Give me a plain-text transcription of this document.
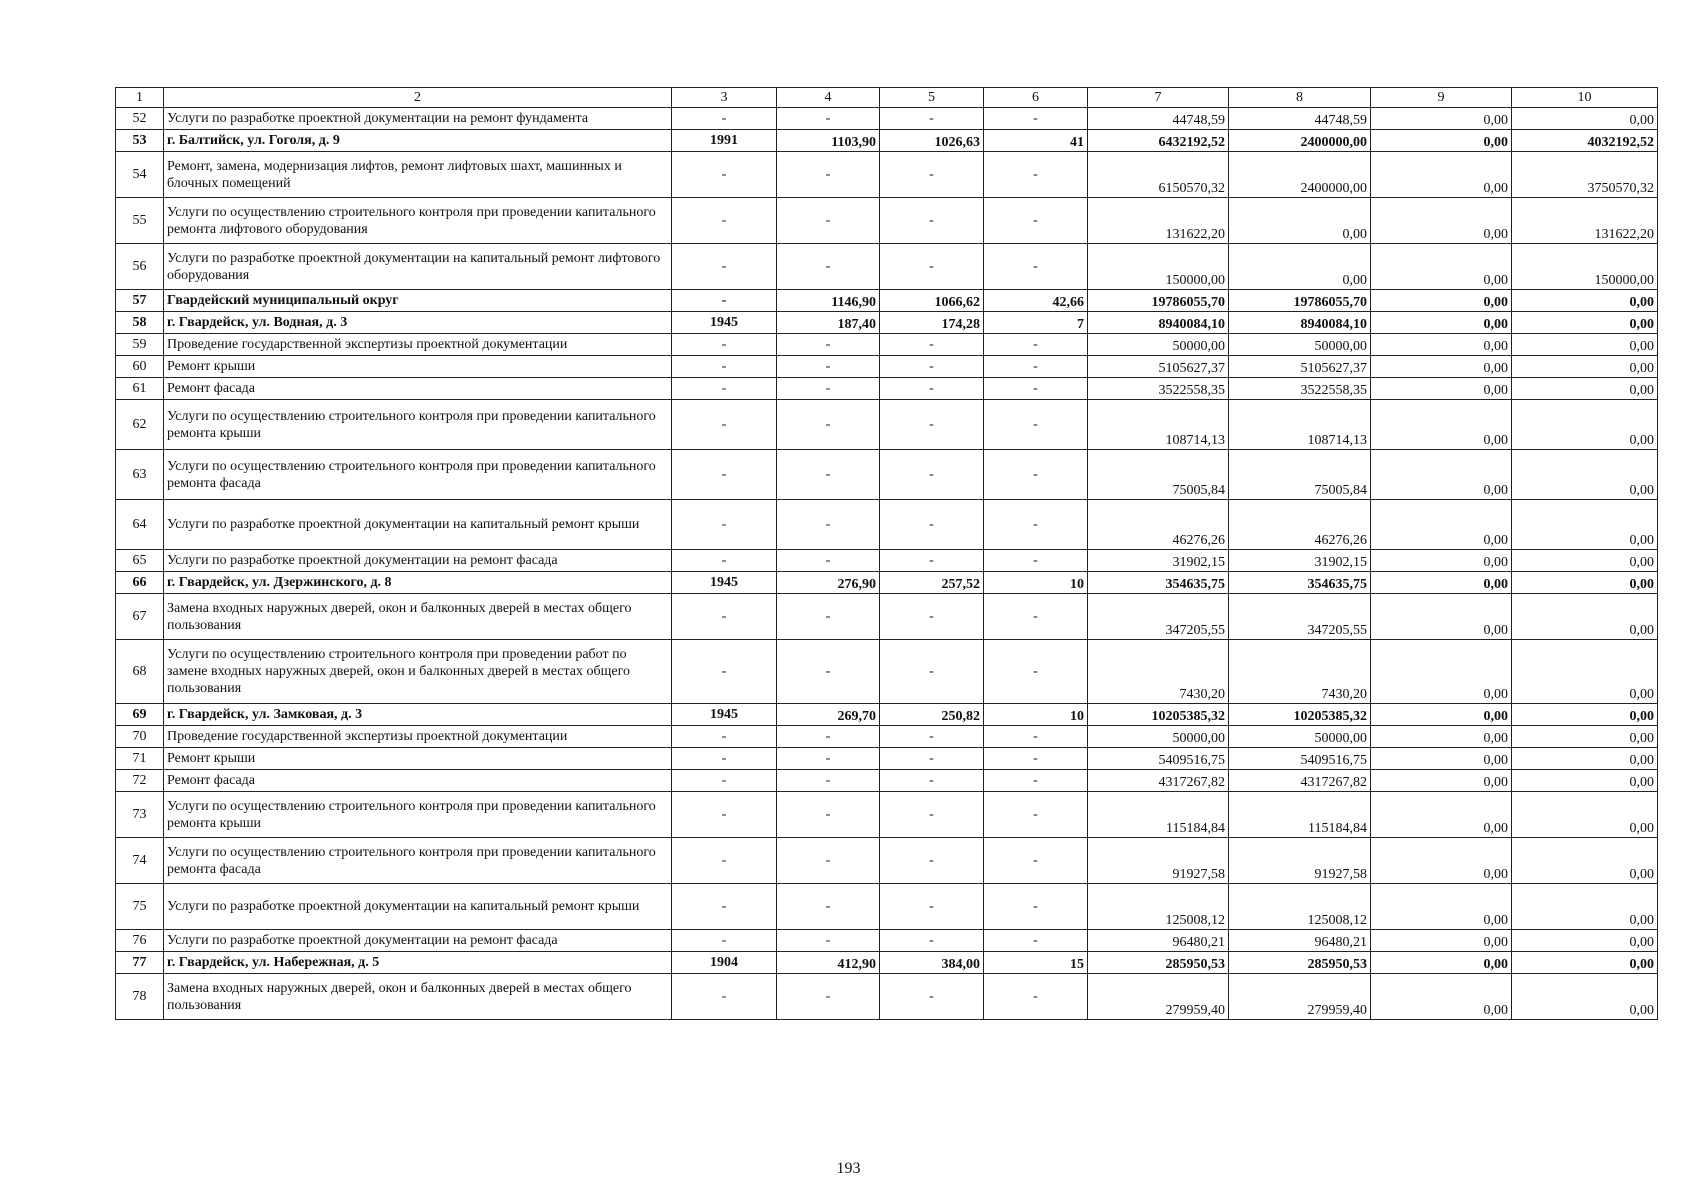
1	2	3	4	5	6	7	8	9	10
52	Услуги по разработке проектной документации на ремонт фундамента	-	-	-	-	44748,59	44748,59	0,00	0,00
53	г. Балтийск, ул. Гоголя, д. 9	1991	1103,90	1026,63	41	6432192,52	2400000,00	0,00	4032192,52
54	Ремонт, замена, модернизация лифтов, ремонт лифтовых шахт, машинных и блочных помещений	-	-	-	-	6150570,32	2400000,00	0,00	3750570,32
55	Услуги по осуществлению строительного контроля при проведении капитального ремонта лифтового оборудования	-	-	-	-	131622,20	0,00	0,00	131622,20
56	Услуги по разработке проектной документации на капитальный ремонт лифтового оборудования	-	-	-	-	150000,00	0,00	0,00	150000,00
57	Гвардейский муниципальный округ	-	1146,90	1066,62	42,66	19786055,70	19786055,70	0,00	0,00
58	г. Гвардейск, ул. Водная, д. 3	1945	187,40	174,28	7	8940084,10	8940084,10	0,00	0,00
59	Проведение государственной экспертизы проектной документации	-	-	-	-	50000,00	50000,00	0,00	0,00
60	Ремонт крыши	-	-	-	-	5105627,37	5105627,37	0,00	0,00
61	Ремонт фасада	-	-	-	-	3522558,35	3522558,35	0,00	0,00
62	Услуги по осуществлению строительного контроля при проведении капитального ремонта крыши	-	-	-	-	108714,13	108714,13	0,00	0,00
63	Услуги по осуществлению строительного контроля при проведении капитального ремонта фасада	-	-	-	-	75005,84	75005,84	0,00	0,00
64	Услуги по разработке проектной документации на капитальный ремонт крыши	-	-	-	-	46276,26	46276,26	0,00	0,00
65	Услуги по разработке проектной документации на ремонт фасада	-	-	-	-	31902,15	31902,15	0,00	0,00
66	г. Гвардейск, ул. Дзержинского, д. 8	1945	276,90	257,52	10	354635,75	354635,75	0,00	0,00
67	Замена входных наружных дверей, окон и балконных дверей в местах общего пользования	-	-	-	-	347205,55	347205,55	0,00	0,00
68	Услуги по осуществлению строительного контроля при проведении работ по замене входных наружных дверей, окон и балконных дверей в местах общего пользования	-	-	-	-	7430,20	7430,20	0,00	0,00
69	г. Гвардейск, ул. Замковая, д. 3	1945	269,70	250,82	10	10205385,32	10205385,32	0,00	0,00
70	Проведение государственной экспертизы проектной документации	-	-	-	-	50000,00	50000,00	0,00	0,00
71	Ремонт крыши	-	-	-	-	5409516,75	5409516,75	0,00	0,00
72	Ремонт фасада	-	-	-	-	4317267,82	4317267,82	0,00	0,00
73	Услуги по осуществлению строительного контроля при проведении капитального ремонта крыши	-	-	-	-	115184,84	115184,84	0,00	0,00
74	Услуги по осуществлению строительного контроля при проведении капитального ремонта фасада	-	-	-	-	91927,58	91927,58	0,00	0,00
75	Услуги по разработке проектной документации на капитальный ремонт крыши	-	-	-	-	125008,12	125008,12	0,00	0,00
76	Услуги по разработке проектной документации на ремонт фасада	-	-	-	-	96480,21	96480,21	0,00	0,00
77	г. Гвардейск, ул. Набережная, д. 5	1904	412,90	384,00	15	285950,53	285950,53	0,00	0,00
78	Замена входных наружных дверей, окон и балконных дверей в местах общего пользования	-	-	-	-	279959,40	279959,40	0,00	0,00
193
